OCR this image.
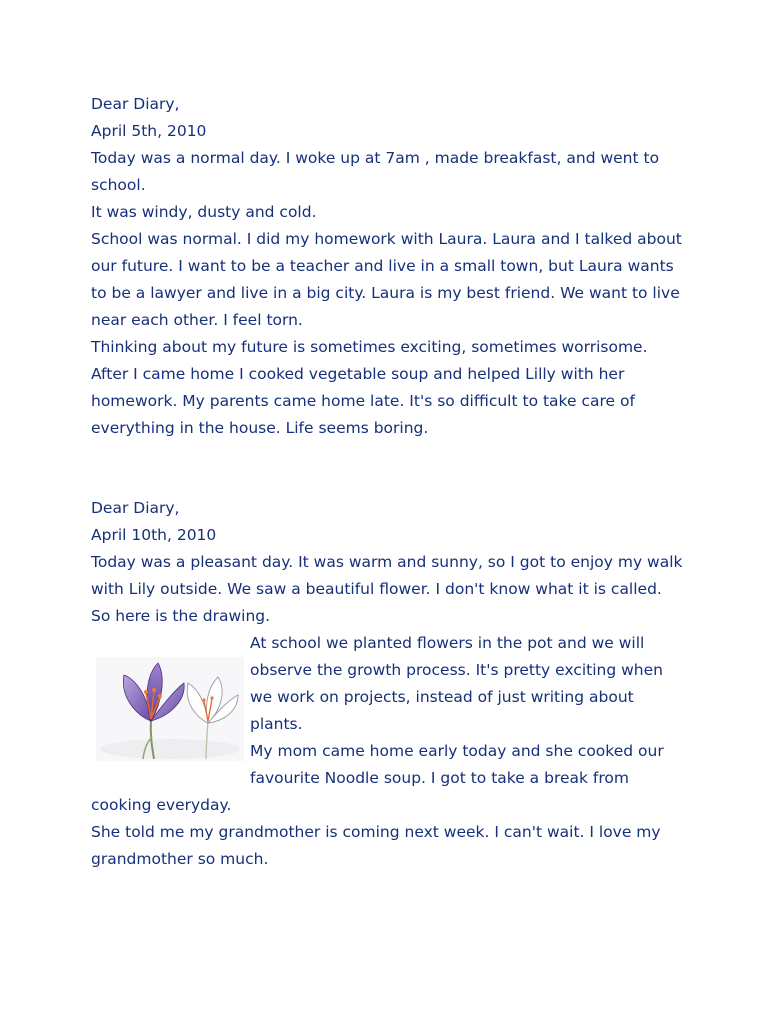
Dear Diary,
April 5th, 2010
Today was a normal day. I woke up at 7am , made breakfast, and went to
school.
It was windy, dusty and cold.
School was normal. I did my homework with Laura. Laura and I talked about
our future. I want to be a teacher and live in a small town, but Laura wants
to be a lawyer and live in a big city. Laura is my best friend. We want to live
near each other. I feel torn.
Thinking about my future is sometimes exciting, sometimes worrisome.
After I came home I cooked vegetable soup and helped Lilly with her
homework. My parents came home late. It's so difficult to take care of
everything in the house. Life seems boring.
Dear Diary,
April 10th, 2010
Today was a pleasant day. It was warm and sunny, so I got to enjoy my walk
with Lily outside. We saw a beautiful flower. I don't know what it is called.
So here is the drawing.
At school we planted flowers in the pot and we will
observe the growth process. It's pretty exciting when
we work on projects, instead of just writing about
plants.
My mom came home early today and she cooked our
favourite Noodle soup. I got to take a break from
cooking everyday.
She told me my grandmother is coming next week. I can't wait. I love my
grandmother so much.
